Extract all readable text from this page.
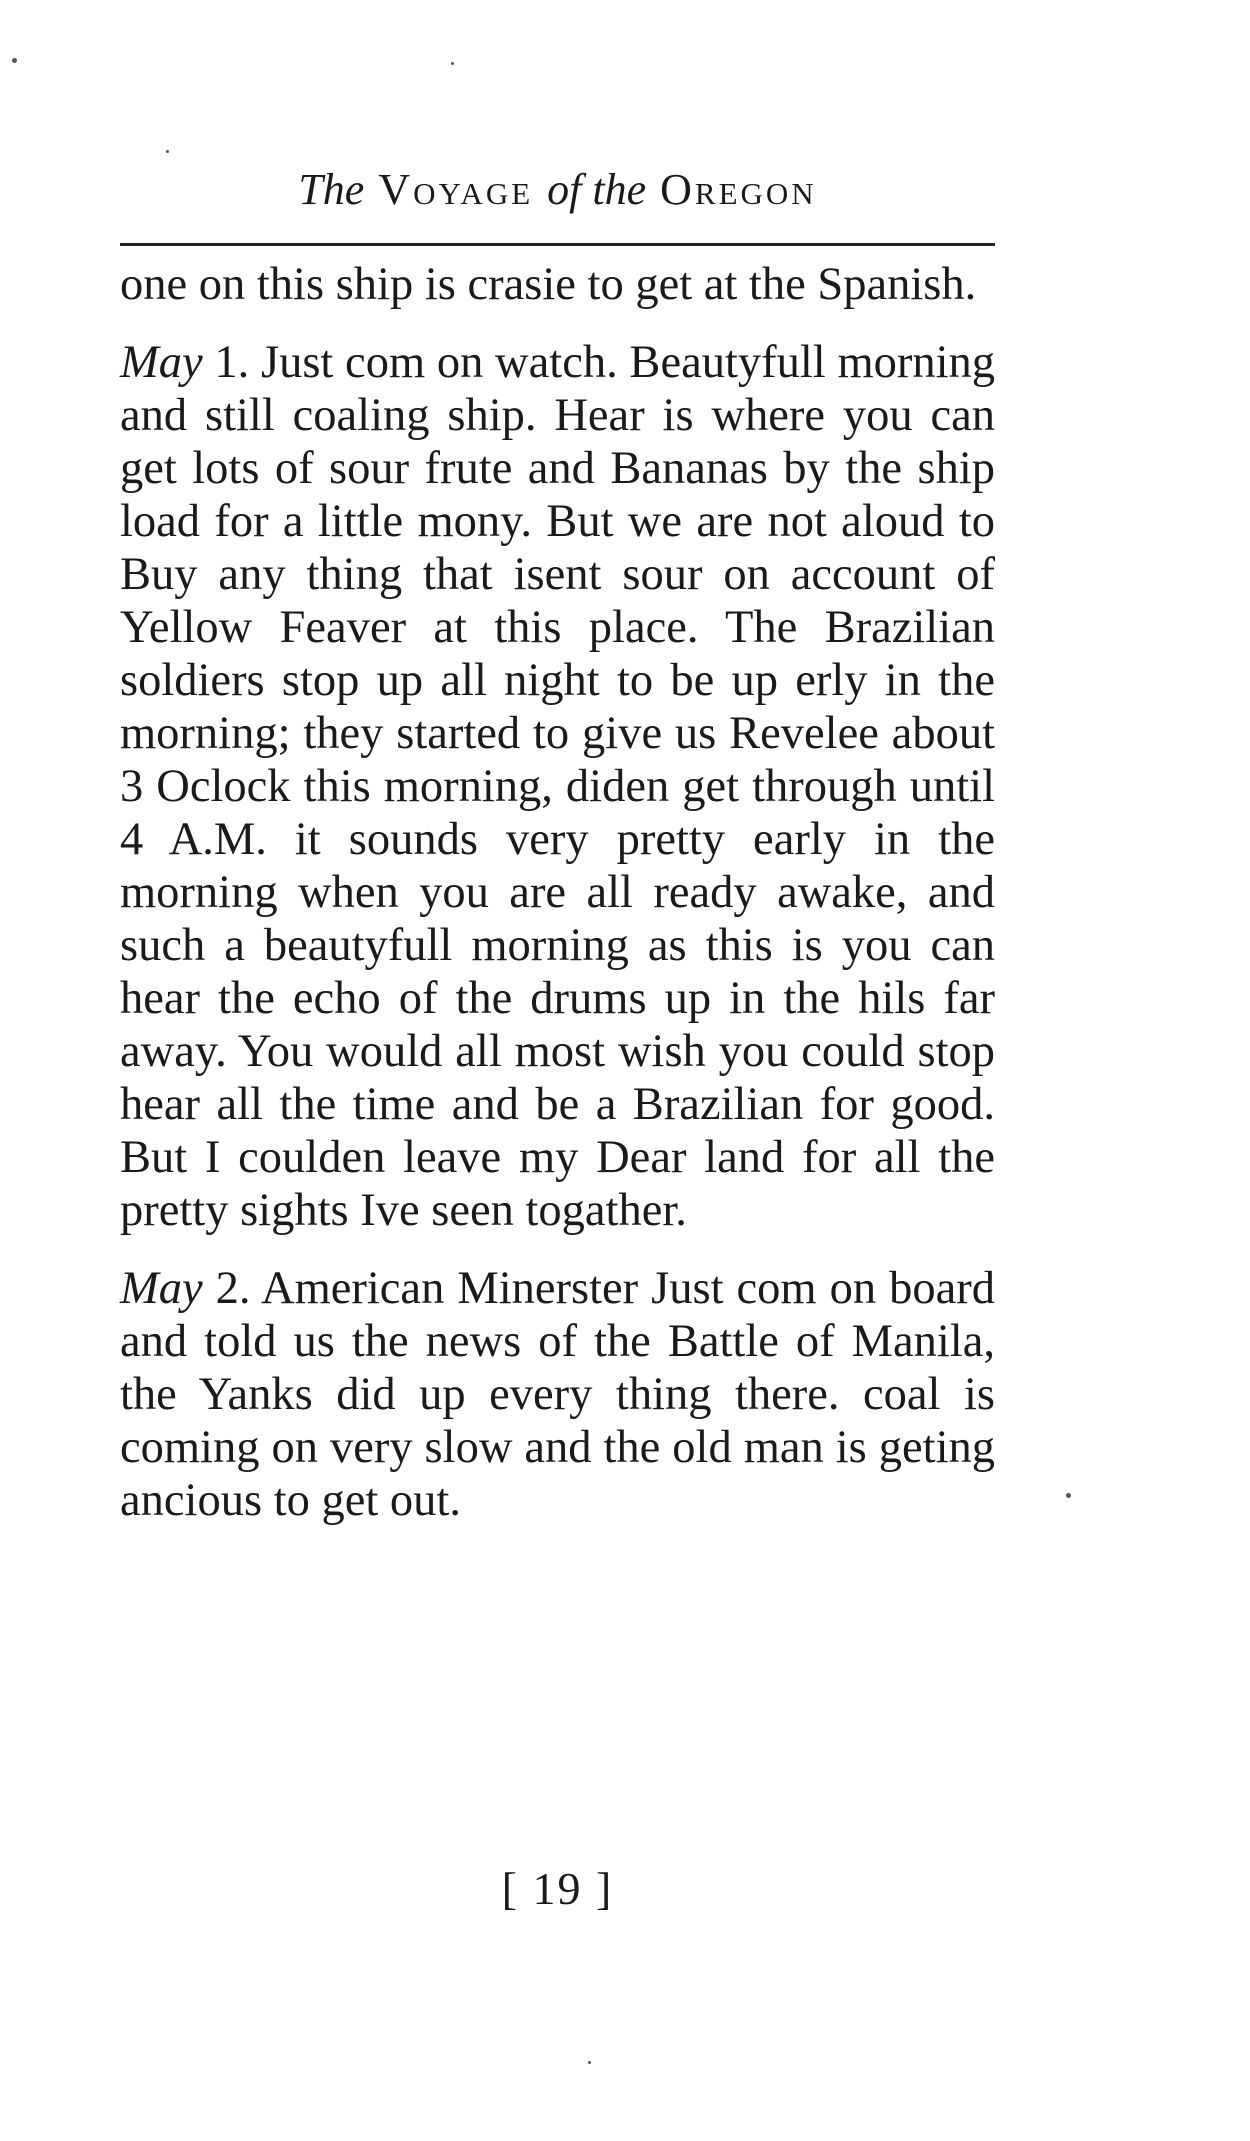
The Voyage of the Oregon

one on this ship is crasie to get at the Spanish.

May 1. Just com on watch. Beautyfull morning and still coaling ship. Hear is where you can get lots of sour frute and Bananas by the ship load for a little mony. But we are not aloud to Buy any thing that isent sour on account of Yellow Feaver at this place. The Brazilian soldiers stop up all night to be up erly in the morning; they started to give us Revelee about 3 Oclock this morning, diden get through until 4 A.M. it sounds very pretty early in the morning when you are all ready awake, and such a beautyfull morning as this is you can hear the echo of the drums up in the hils far away. You would all most wish you could stop hear all the time and be a Brazilian for good. But I coulden leave my Dear land for all the pretty sights Ive seen togather.

May 2. American Minerster Just com on board and told us the news of the Battle of Manila, the Yanks did up every thing there. coal is coming on very slow and the old man is geting ancious to get out.

[ 19 ]
